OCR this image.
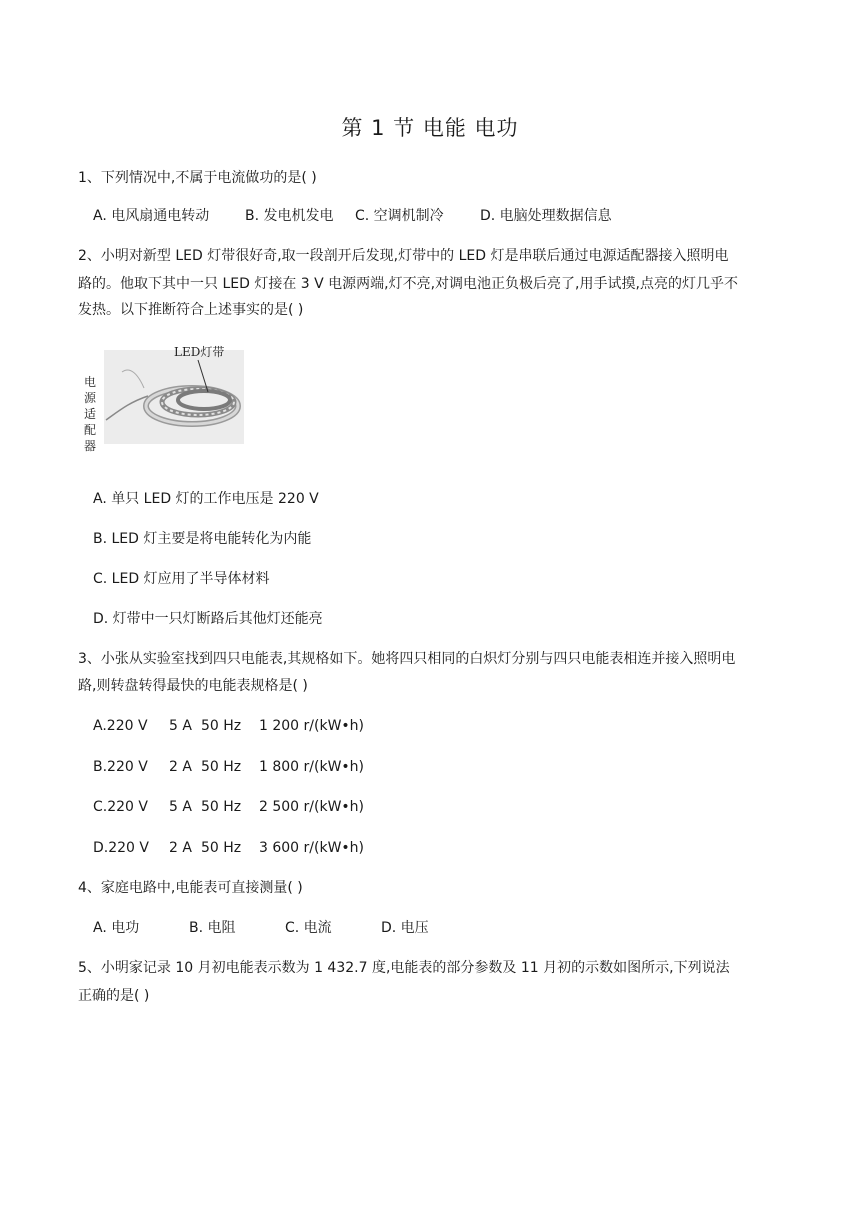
第 1 节 电能 电功
1、下列情况中,不属于电流做功的是( )
A. 电风扇通电转动	B. 发电机发电 C. 空调机制冷	D. 电脑处理数据信息
2、小明对新型 LED 灯带很好奇,取一段剖开后发现,灯带中的 LED 灯是串联后通过电源适配器接入照明电
路的。他取下其中一只 LED 灯接在 3 V 电源两端,灯不亮,对调电池正负极后亮了,用手试摸,点亮的灯几乎不
发热。以下推断符合上述事实的是( )
LED灯带
电
源
适
配
器
A. 单只 LED 灯的工作电压是 220 V
B. LED 灯主要是将电能转化为内能
C. LED 灯应用了半导体材料
D. 灯带中一只灯断路后其他灯还能亮
3、小张从实验室找到四只电能表,其规格如下。她将四只相同的白炽灯分别与四只电能表相连并接入照明电
路,则转盘转得最快的电能表规格是( )
A.220 V 5 A 50 Hz 1 200 r/(kW•h)
B.220 V 2 A 50 Hz 1 800 r/(kW•h)
C.220 V 5 A 50 Hz 2 500 r/(kW•h)
D.220 V 2 A 50 Hz 3 600 r/(kW•h)
4、家庭电路中,电能表可直接测量( )
A. 电功	B. 电阻	C. 电流	D. 电压
5、小明家记录 10 月初电能表示数为 1 432.7 度,电能表的部分参数及 11 月初的示数如图所示,下列说法
正确的是( )
